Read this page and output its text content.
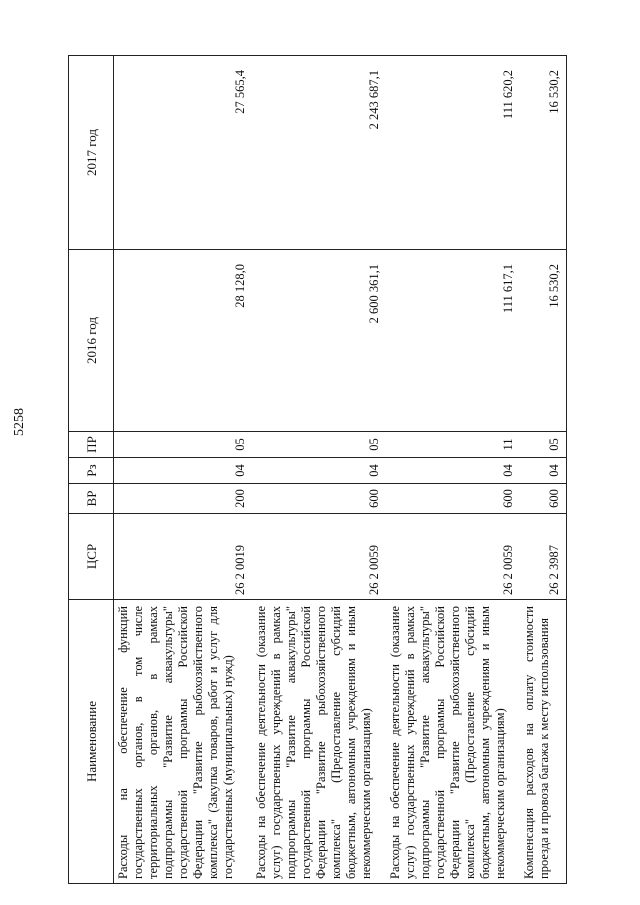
5258
Наименование	ЦСР	ВР	Рз	ПР	2016 год	2017 год
Расходы на обеспечение функций государственных органов, в том числе территориальных органов, в рамках подпрограммы "Развитие аквакультуры" государственной программы Российской Федерации "Развитие рыбохозяйственного комплекса" (Закупка товаров, работ и услуг для государственных (муниципальных) нужд)	26 2 0019	200	04	05	28 128,0	27 565,4
Расходы на обеспечение деятельности (оказание услуг) государственных учреждений в рамках подпрограммы "Развитие аквакультуры" государственной программы Российской Федерации "Развитие рыбохозяйственного комплекса" (Предоставление субсидий бюджетным, автономным учреждениям и иным некоммерческим организациям)	26 2 0059	600	04	05	2 600 361,1	2 243 687,1
Расходы на обеспечение деятельности (оказание услуг) государственных учреждений в рамках подпрограммы "Развитие аквакультуры" государственной программы Российской Федерации "Развитие рыбохозяйственного комплекса" (Предоставление субсидий бюджетным, автономным учреждениям и иным некоммерческим организациям)	26 2 0059	600	04	11	111 617,1	111 620,2
Компенсация расходов на оплату стоимости проезда и провоза багажа к месту использования	26 2 3987	600	04	05	16 530,2	16 530,2
